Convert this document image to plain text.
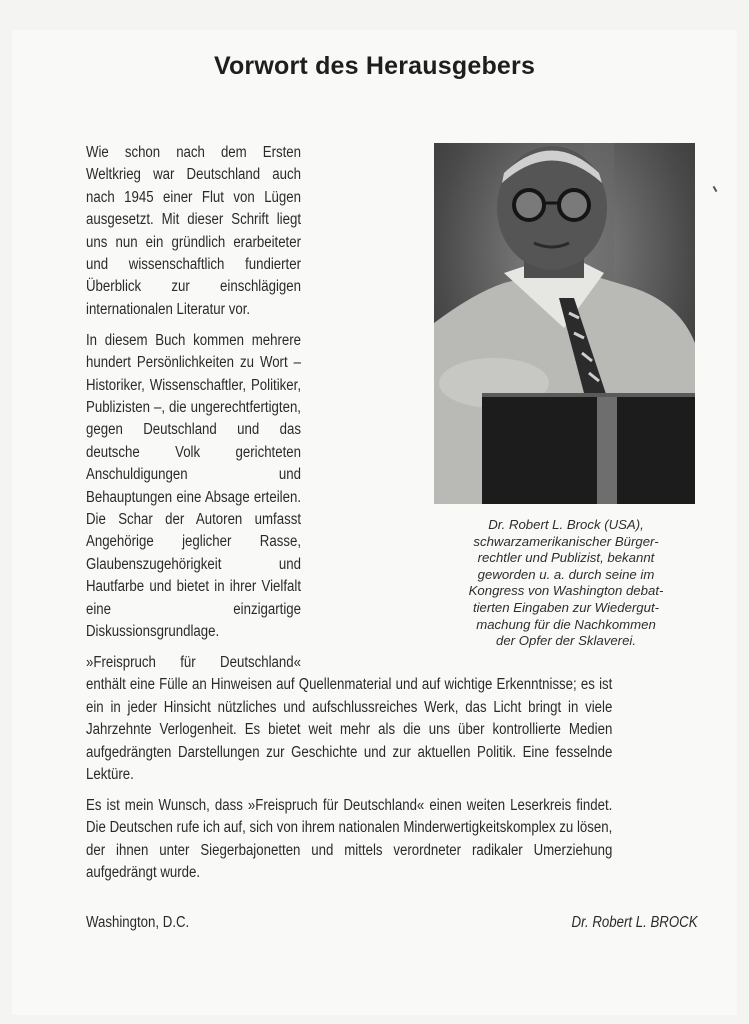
Vorwort des Herausgebers
Dr. Robert L. Brock (USA),
schwarzamerikanischer Bürger-
rechtler und Publizist, bekannt
geworden u. a. durch seine im
Kongress von Washington debat-
tierten Eingaben zur Wiedergut-
machung für die Nachkommen
der Opfer der Sklaverei.

Wie schon nach dem Ersten Weltkrieg war Deutschland auch nach 1945 einer Flut von Lügen ausgesetzt. Mit dieser Schrift liegt uns nun ein gründlich erarbeiteter und wissenschaftlich fundierter Überblick zur einschlägigen internationalen Literatur vor.

In diesem Buch kommen mehrere hundert Persönlichkeiten zu Wort – Historiker, Wissenschaftler, Politiker, Publizisten –, die ungerechtfertigten, gegen Deutschland und das deutsche Volk gerichteten Anschuldigungen und Behauptungen eine Absage erteilen. Die Schar der Autoren umfasst Angehörige jeglicher Rasse, Glaubenszugehörigkeit und Hautfarbe und bietet in ihrer Vielfalt eine einzigartige Diskussionsgrundlage.

»Freispruch für Deutschland« enthält eine Fülle an Hinweisen auf Quellenmaterial und auf wichtige Erkenntnisse; es ist ein in jeder Hinsicht nützliches und aufschlussreiches Werk, das Licht bringt in viele Jahrzehnte Verlogenheit. Es bietet weit mehr als die uns über kontrollierte Medien aufgedrängten Darstellungen zur Geschichte und zur aktuellen Politik. Eine fesselnde Lektüre.

Es ist mein Wunsch, dass »Freispruch für Deutschland« einen weiten Leserkreis findet. Die Deutschen rufe ich auf, sich von ihrem nationalen Minderwertigkeitskomplex zu lösen, der ihnen unter Siegerbajonetten und mittels verordneter radikaler Umerziehung aufgedrängt wurde.

Washington, D.C.	Dr. Robert L. BROCK
